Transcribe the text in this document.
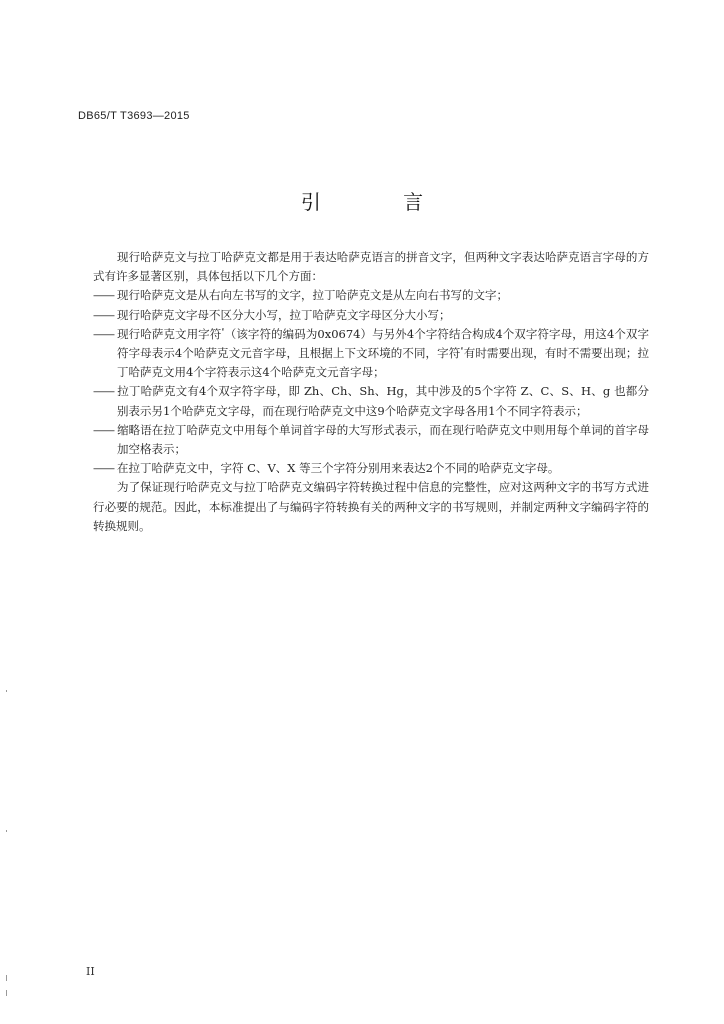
DB65/T T3693—2015
引 言

现行哈萨克文与拉丁哈萨克文都是用于表达哈萨克语言的拼音文字，但两种文字表达哈萨克语言字母的方式有许多显著区别，具体包括以下几个方面：

——现行哈萨克文是从右向左书写的文字，拉丁哈萨克文是从左向右书写的文字；

——现行哈萨克文字母不区分大小写，拉丁哈萨克文字母区分大小写；

——现行哈萨克文用字符ٴ（该字符的编码为0x0674）与另外4个字符结合构成4个双字符字母，用这4个双字符字母表示4个哈萨克文元音字母，且根据上下文环境的不同，字符ٴ有时需要出现，有时不需要出现；拉丁哈萨克文用4个字符表示这4个哈萨克文元音字母；

——拉丁哈萨克文有4个双字符字母，即 Zh、Ch、Sh、Hg，其中涉及的5个字符 Z、C、S、H、g 也都分别表示另1个哈萨克文字母，而在现行哈萨克文中这9个哈萨克文字母各用1个不同字符表示；

——缩略语在拉丁哈萨克文中用每个单词首字母的大写形式表示，而在现行哈萨克文中则用每个单词的首字母加空格表示；

——在拉丁哈萨克文中，字符 C、V、X 等三个字符分别用来表达2个不同的哈萨克文字母。

为了保证现行哈萨克文与拉丁哈萨克文编码字符转换过程中信息的完整性，应对这两种文字的书写方式进行必要的规范。因此，本标准提出了与编码字符转换有关的两种文字的书写规则，并制定两种文字编码字符的转换规则。

II
